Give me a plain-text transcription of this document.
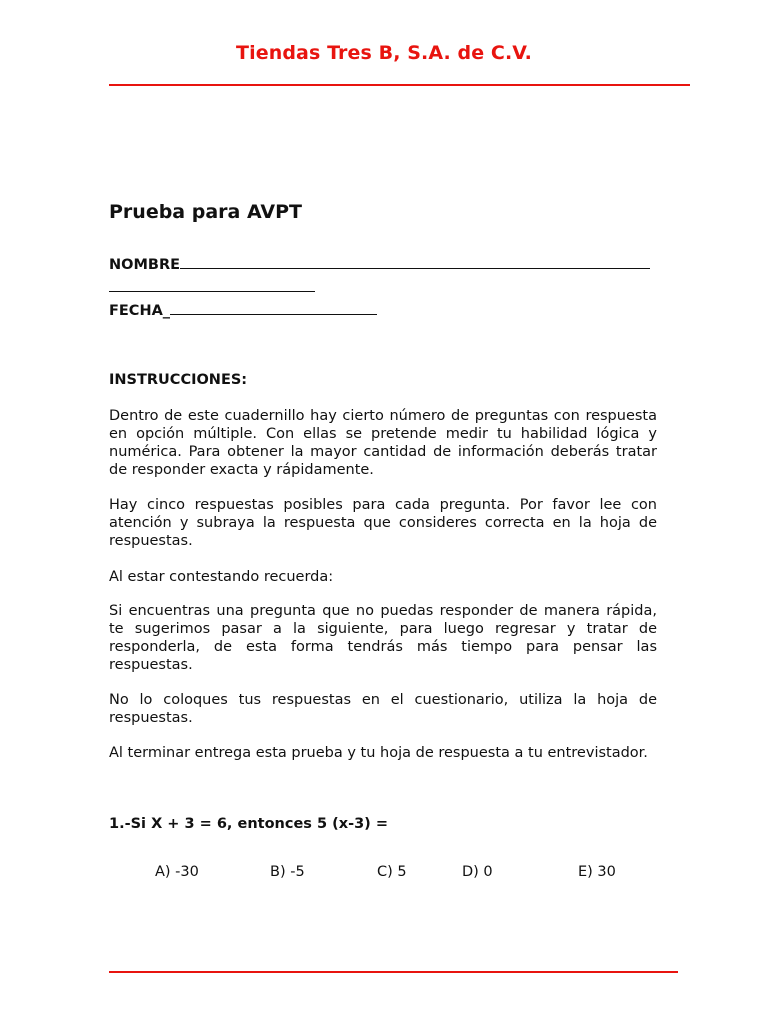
Tiendas Tres B, S.A. de C.V.
Prueba para AVPT
NOMBRE
FECHA_
INSTRUCCIONES:

Dentro de este cuadernillo hay cierto número de preguntas con respuesta en opción múltiple. Con ellas se pretende medir tu habilidad lógica y numérica. Para obtener la mayor cantidad de información deberás tratar de responder exacta y rápidamente.

Hay cinco respuestas posibles para cada pregunta. Por favor lee con atención y subraya la respuesta que consideres correcta en la hoja de respuestas.

Al estar contestando recuerda:

Si encuentras una pregunta que no puedas responder de manera rápida, te sugerimos pasar a la siguiente, para luego regresar y tratar de responderla, de esta forma tendrás más tiempo para pensar las respuestas.

No lo coloques tus respuestas en el cuestionario, utiliza la hoja de respuestas.

Al terminar entrega esta prueba y tu hoja de respuesta a tu entrevistador.

1.-Si X + 3 = 6, entonces 5 (x-3) =
A) -30	B) -5	C) 5	D) 0	E) 30
